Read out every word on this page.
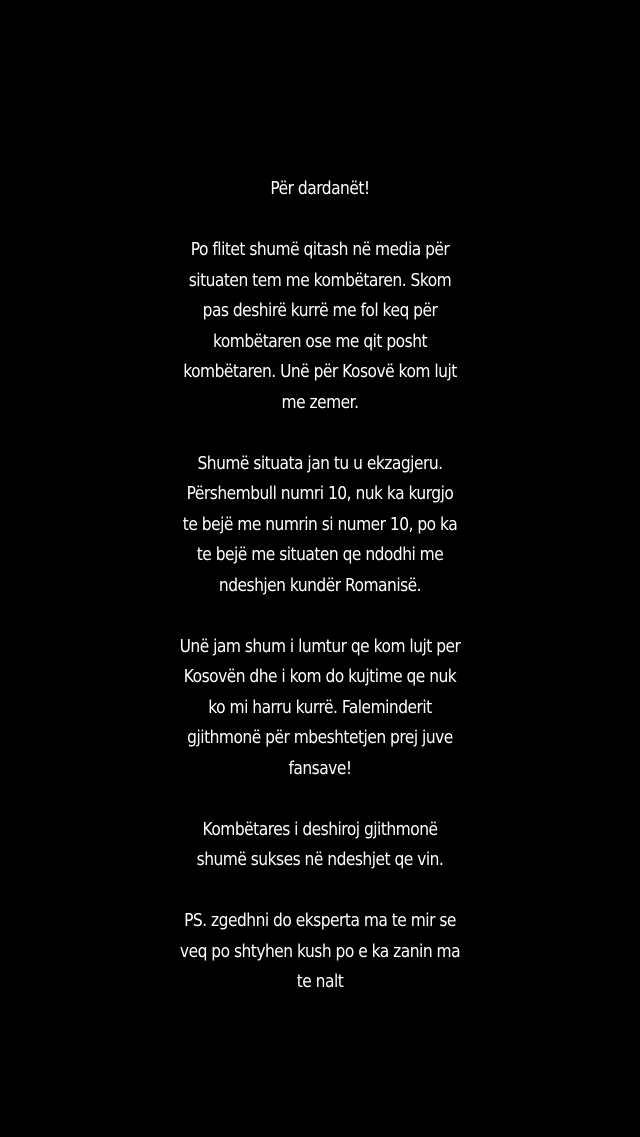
Për dardanët!

Po flitet shumë qitash në media për
situaten tem me kombëtaren. Skom
pas deshirë kurrë me fol keq për
kombëtaren ose me qit posht
kombëtaren. Unë për Kosovë kom lujt
me zemer.

Shumë situata jan tu u ekzagjeru.
Përshembull numri 10, nuk ka kurgjo
te bejë me numrin si numer 10, po ka
te bejë me situaten qe ndodhi me
ndeshjen kundër Romanisë.

Unë jam shum i lumtur qe kom lujt per
Kosovën dhe i kom do kujtime qe nuk
ko mi harru kurrë. Faleminderit
gjithmonë për mbeshtetjen prej juve
fansave!

Kombëtares i deshiroj gjithmonë
shumë sukses në ndeshjet qe vin.

PS. zgedhni do eksperta ma te mir se
veq po shtyhen kush po e ka zanin ma
te nalt
